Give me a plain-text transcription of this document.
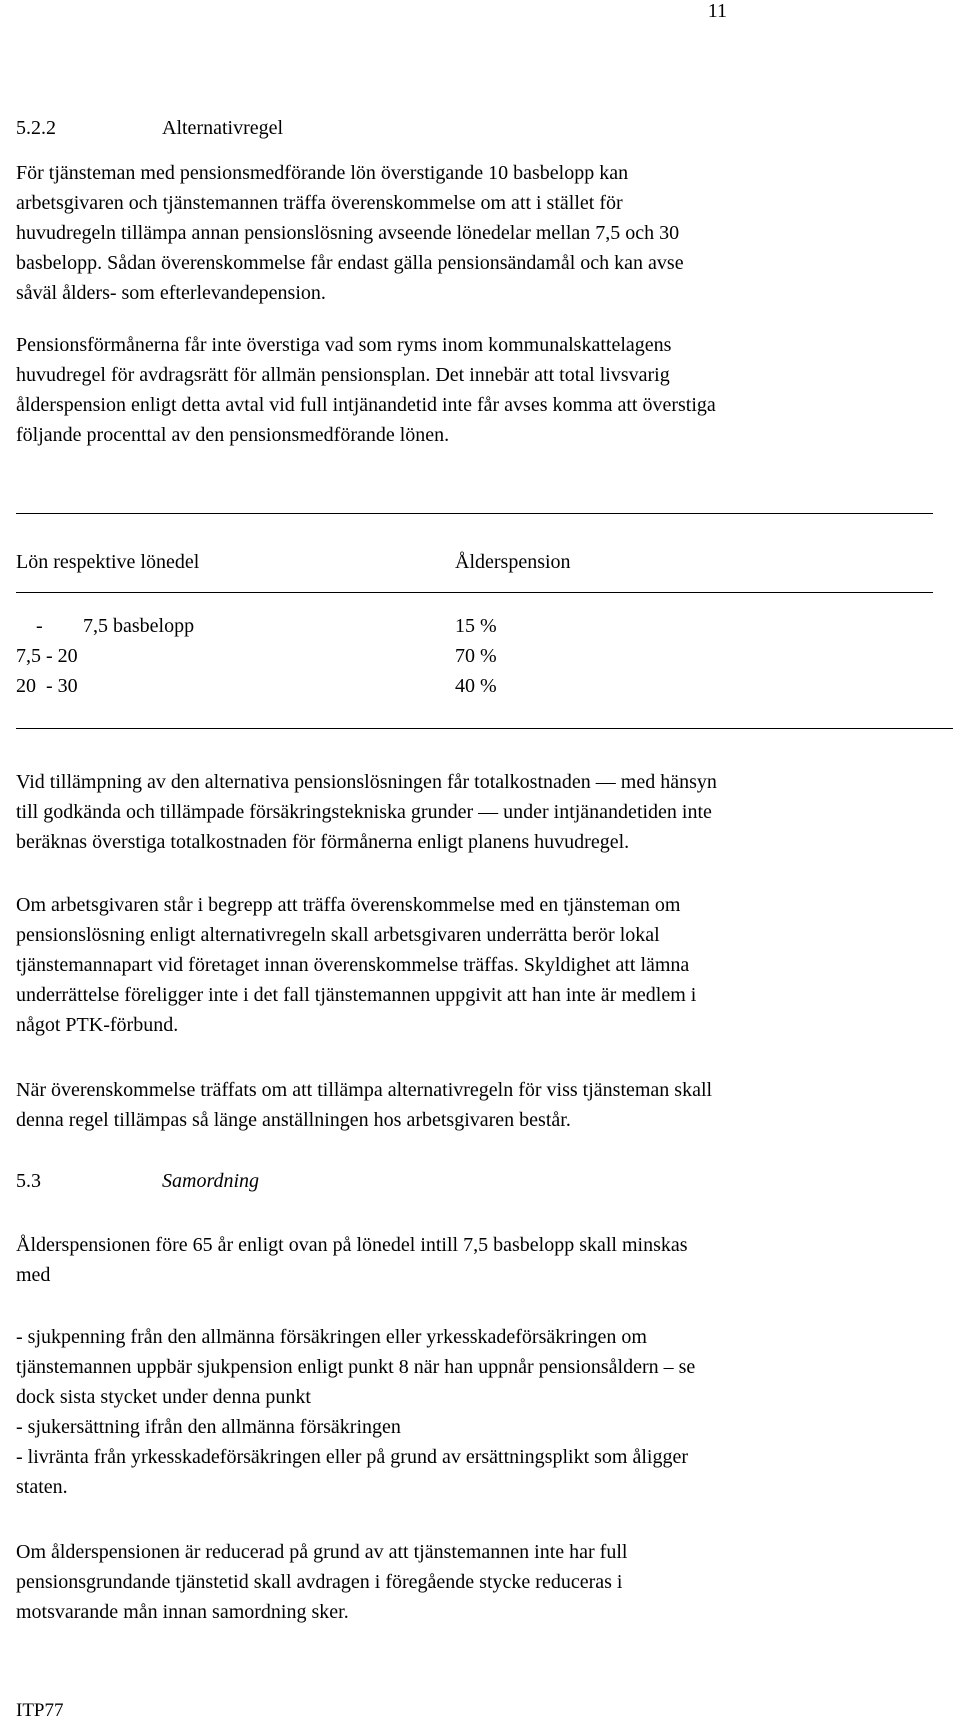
11
5.2.2	Alternativregel
För tjänsteman med pensionsmedförande lön överstigande 10 basbelopp kan
arbetsgivaren och tjänstemannen träffa överenskommelse om att i stället för
huvudregeln tillämpa annan pensionslösning avseende lönedelar mellan 7,5 och 30
basbelopp. Sådan överenskommelse får endast gälla pensionsändamål och kan avse
såväl ålders- som efterlevandepension.
Pensionsförmånerna får inte överstiga vad som ryms inom kommunalskattelagens
huvudregel för avdragsrätt för allmän pensionsplan. Det innebär att total livsvarig
ålderspension enligt detta avtal vid full intjänandetid inte får avses komma att överstiga
följande procenttal av den pensionsmedförande lönen.
Lön respektive lönedel	Ålderspension
- 7,5 basbelopp	15 %
7,5 - 20	70 %
20  - 30	40 %
Vid tillämpning av den alternativa pensionslösningen får totalkostnaden — med hänsyn
till godkända och tillämpade försäkringstekniska grunder — under intjänandetiden inte
beräknas överstiga totalkostnaden för förmånerna enligt planens huvudregel.
Om arbetsgivaren står i begrepp att träffa överenskommelse med en tjänsteman om
pensionslösning enligt alternativregeln skall arbetsgivaren underrätta berör lokal
tjänstemannapart vid företaget innan överenskommelse träffas. Skyldighet att lämna
underrättelse föreligger inte i det fall tjänstemannen uppgivit att han inte är medlem i
något PTK-förbund.
När överenskommelse träffats om att tillämpa alternativregeln för viss tjänsteman skall
denna regel tillämpas så länge anställningen hos arbetsgivaren består.
5.3	Samordning
Ålderspensionen före 65 år enligt ovan på lönedel intill 7,5 basbelopp skall minskas
med
- sjukpenning från den allmänna försäkringen eller yrkesskadeförsäkringen om
tjänstemannen uppbär sjukpension enligt punkt 8 när han uppnår pensionsåldern – se
dock sista stycket under denna punkt
- sjukersättning ifrån den allmänna försäkringen
- livränta från yrkesskadeförsäkringen eller på grund av ersättningsplikt som åligger
staten.
Om ålderspensionen är reducerad på grund av att tjänstemannen inte har full
pensionsgrundande tjänstetid skall avdragen i föregående stycke reduceras i
motsvarande mån innan samordning sker.
ITP77
